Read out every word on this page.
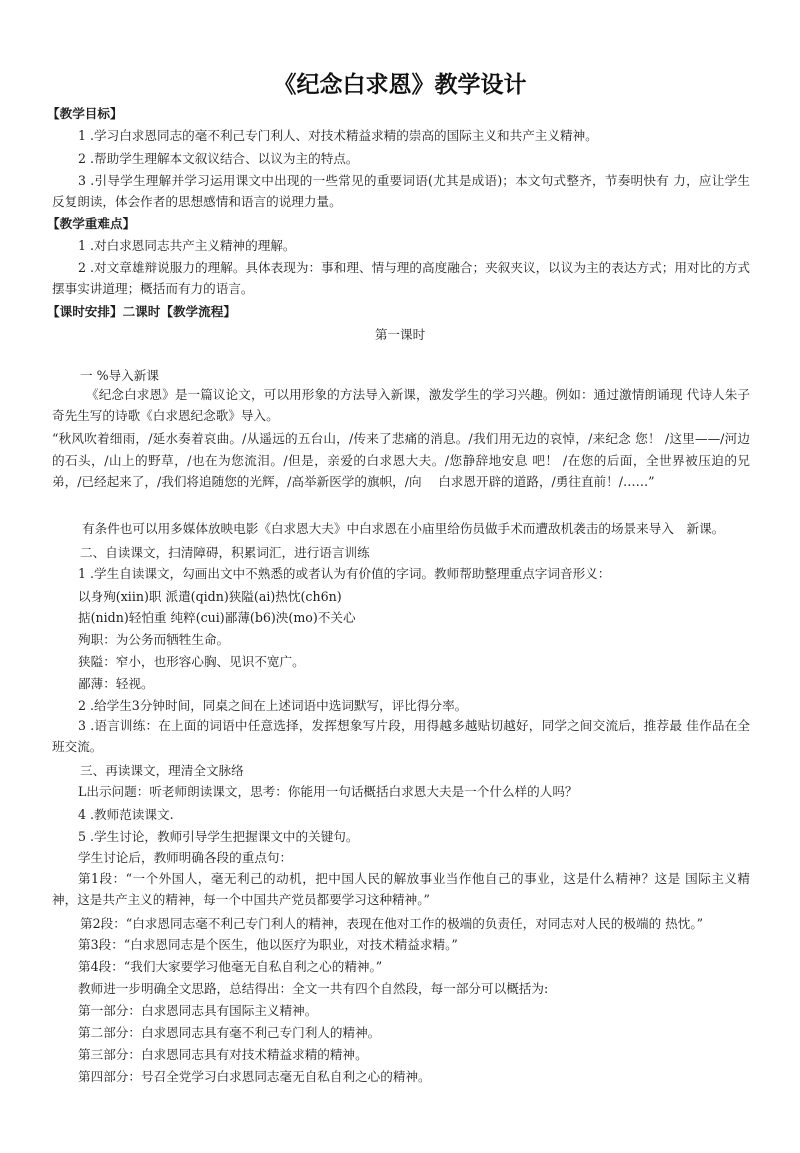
《纪念白求恩》教学设计
【教学目标】
1 .学习白求恩同志的毫不利己专门利人、对技术精益求精的崇高的国际主义和共产主义精神。
2 .帮助学生理解本文叙议结合、以议为主的特点。
3 .引导学生理解并学习运用课文中出现的一些常见的重要词语(尤其是成语)；本文句式整齐，节奏明快有 力，应让学生反复朗读，体会作者的思想感情和语言的说理力量。
【教学重难点】
1 .对白求恩同志共产主义精神的理解。
2 .对文章雄辩说服力的理解。具体表现为：事和理、情与理的高度融合；夹叙夹议，以议为主的表达方式；用对比的方式摆事实讲道理；概括而有力的语言。
【课时安排】二课时【教学流程】
第一课时
一 %导入新课
《纪念白求恩》是一篇议论文，可以用形象的方法导入新课，激发学生的学习兴趣。例如：通过激情朗诵现 代诗人朱子奇先生写的诗歌《白求恩纪念歌》导入。
“秋风吹着细雨，/延水奏着哀曲。/从遥远的五台山，/传来了悲痛的消息。/我们用无边的哀悼，/来纪念 您！ /这里——/河边的石头，/山上的野草，/也在为您流泪。/但是，亲爱的白求恩大夫。/您静辞地安息 吧！ /在您的后面，全世界被压迫的兄弟，/已经起来了，/我们将追随您的光辉，/高举新医学的旗帜，/向　 白求恩开辟的道路，/勇往直前！/……”
有条件也可以用多媒体放映电影《白求恩大夫》中白求恩在小庙里给伤员做手术而遭敌机袭击的场景来导入　新课。
二、自读课文，扫清障碍，积累词汇，进行语言训练
1 .学生自读课文，勾画出文中不熟悉的或者认为有价值的字词。教师帮助整理重点字词音形义：
以身殉(xiin)职 派遣(qidn)狭隘(ai)热忱(ch6n)
掂(nidn)轻怕重 纯粹(cui)鄙薄(b6)泱(mo)不关心
殉职：为公务而牺牲生命。
狭隘：窄小，也形容心胸、见识不宽广。
鄙薄：轻视。
2 .给学生3分钟时间，同桌之间在上述词语中选词默写，评比得分率。
3 .语言训练：在上面的词语中任意选择，发挥想象写片段，用得越多越贴切越好，同学之间交流后，推荐最 佳作品在全班交流。
三、再读课文，理清全文脉络
L出示问题：听老师朗读课文，思考：你能用一句话概括白求恩大夫是一个什么样的人吗？
4 .教师范读课文.
5 .学生讨论，教师引导学生把握课文中的关键句。
学生讨论后，教师明确各段的重点句：
第1段：“一个外国人，毫无利己的动机，把中国人民的解放事业当作他自己的事业，这是什么精神？这是 国际主义精神，这是共产主义的精神，每一个中国共产党员都要学习这种精神。”
第2段：“白求恩同志毫不利己专门利人的精神，表现在他对工作的极端的负责任，对同志对人民的极端的 热忱。”
第3段：“白求恩同志是个医生，他以医疗为职业，对技术精益求精。”
第4段：“我们大家要学习他毫无自私自利之心的精神。”
教师进一步明确全文思路，总结得出：全文一共有四个自然段，每一部分可以概括为:
第一部分：白求恩同志具有国际主义精神。
第二部分：白求恩同志具有毫不利己专门利人的精神。
第三部分：白求恩同志具有对技术精益求精的精神。
第四部分：号召全党学习白求恩同志毫无自私自利之心的精神。
